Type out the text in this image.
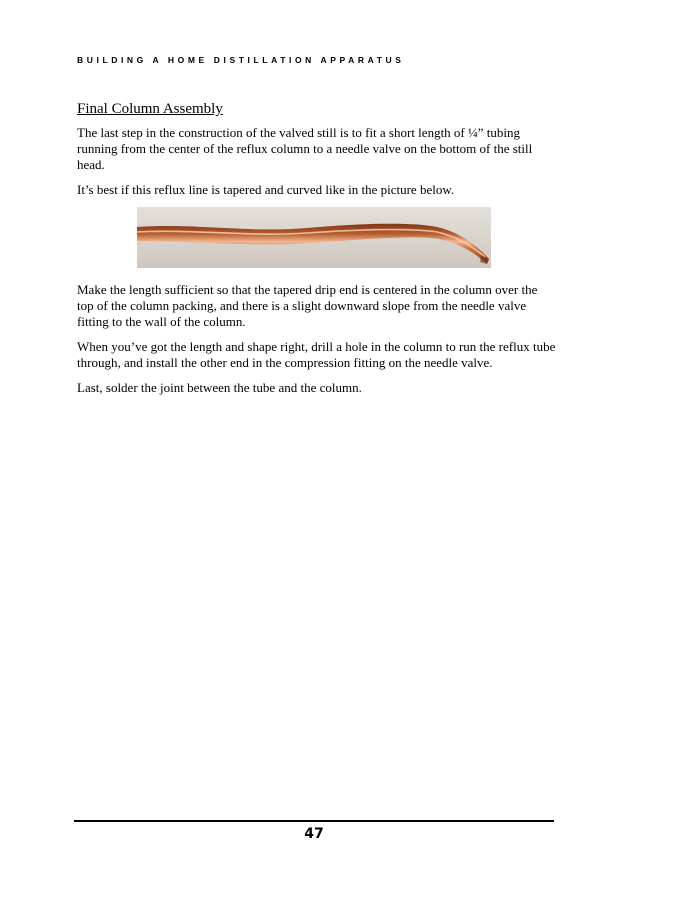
BUILDING A HOME DISTILLATION APPARATUS
Final Column Assembly

The last step in the construction of the valved still is to fit a short length of ¼” tubing running from the center of the reflux column to a needle valve on the bottom of the still head.

It’s best if this reflux line is tapered and curved like in the picture below.

Make the length sufficient so that the tapered drip end is centered in the column over the top of the column packing, and there is a slight downward slope from the needle valve fitting to the wall of the column.

When you’ve got the length and shape right, drill a hole in the column to run the reflux tube through, and install the other end in the compression fitting on the needle valve.

Last, solder the joint between the tube and the column.

47
